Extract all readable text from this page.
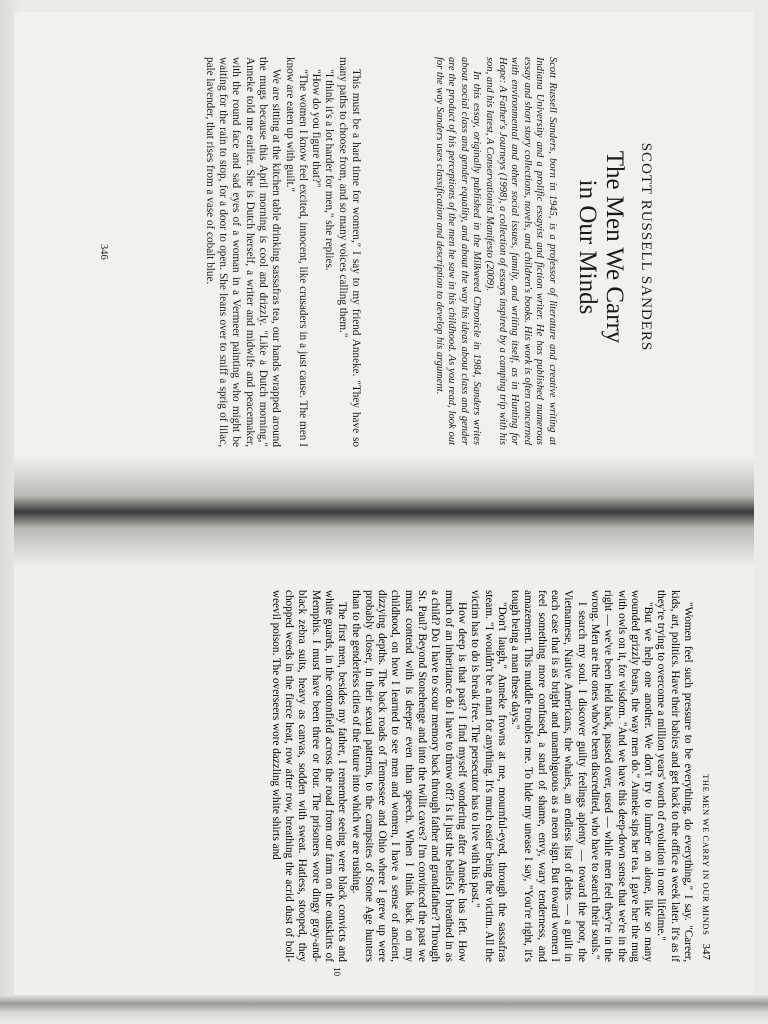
SCOTT RUSSELL SANDERS
The Men We Carry
in Our Minds

Scott Russell Sanders, born in 1945, is a professor of literature and creative writing at Indiana University and a prolific essayist and fiction writer. He has published numerous essay and short story collections, novels, and children's books. His work is often concerned with environmental and other social issues, family, and writing itself, as in Hunting for Hope: A Father's Journeys (1998), a collection of essays inspired by a camping trip with his son, and his latest, A Conservationist Manifesto (2009).

In this essay, originally published in the Milkweed Chronicle in 1984, Sanders writes about social class and gender equality, and about the way his ideas about class and gender are the product of his perceptions of the men he saw in his childhood. As you read, look out for the way Sanders uses classification and description to develop his argument.

This must be a hard time for women," I say to my friend Anneke. "They have so many paths to choose from, and so many voices calling them."

"I think it's a lot harder for men," she replies.

"How do you figure that?"

"The women I know feel excited, innocent, like crusaders in a just cause. The men I know are eaten up with guilt."

We are sitting at the kitchen table drinking sassafras tea, our hands wrapped around the mugs because this April morning is cool and drizzly. "Like a Dutch morning," Anneke told me earlier. She is Dutch herself, a writer and midwife and peacemaker, with the round face and sad eyes of a woman in a Vermeer painting who might be waiting for the rain to stop, for a door to open. She leans over to sniff a sprig of lilac, pale lavender, that rises from a vase of cobalt blue.

346
THE MEN WE CARRY IN OUR MINDS347

"Women feel such pressure to be everything, do everything," I say. "Career, kids, art, politics. Have their babies and get back to the office a week later. It's as if they're trying to overcome a million years' worth of evolution in one lifetime."

"But we help one another. We don't try to lumber on alone, like so many wounded grizzly bears, the way men do." Anneke sips her tea. I gave her the mug with owls on it, for wisdom. "And we have this deep-down sense that we're in the right — we've been held back, passed over, used — while men feel they're in the wrong. Men are the ones who've been discredited, who have to search their souls."

I search my soul. I discover guilty feelings aplenty — toward the poor, the Vietnamese, Native Americans, the whales, an endless list of debts — a guilt in each case that is as bright and unambiguous as a neon sign. But toward women I feel something more confused, a snarl of shame, envy, wary tenderness, and amazement. This muddle troubles me. To hide my unease I say, "You're right, it's tough being a man these days."

"Don't laugh," Anneke frowns at me, mournful-eyed, through the sassafras steam. "I wouldn't be a man for anything. It's much easier being the victim. All the victim has to do is break free. The persecutor has to live with his past."

How deep is that past? I find myself wondering after Anneke has left. How much of an inheritance do I have to throw off? Is it just the beliefs I breathed in as a child? Do I have to scour memory back through father and grandfather? Through St. Paul? Beyond Stonehenge and into the twilit caves? I'm convinced the past we must contend with is deeper even than speech. When I think back on my childhood, on how I learned to see men and women, I have a sense of ancient, dizzying depths. The back roads of Tennessee and Ohio where I grew up were probably closer, in their sexual patterns, to the campsites of Stone Age hunters than to the genderless cities of the future into which we are rushing.

The first men, besides my father, I remember seeing were black convicts and white guards, in the cottonfield across the road from our farm on the outskirts of Memphis. I must have been three or four. The prisoners wore dingy gray-and-black zebra suits, heavy as canvas, sodden with sweat. Hatless, stooped, they chopped weeds in the fierce heat, row after row, breathing the acrid dust of boll-weevil poison. The overseers wore dazzling white shirts and

10
